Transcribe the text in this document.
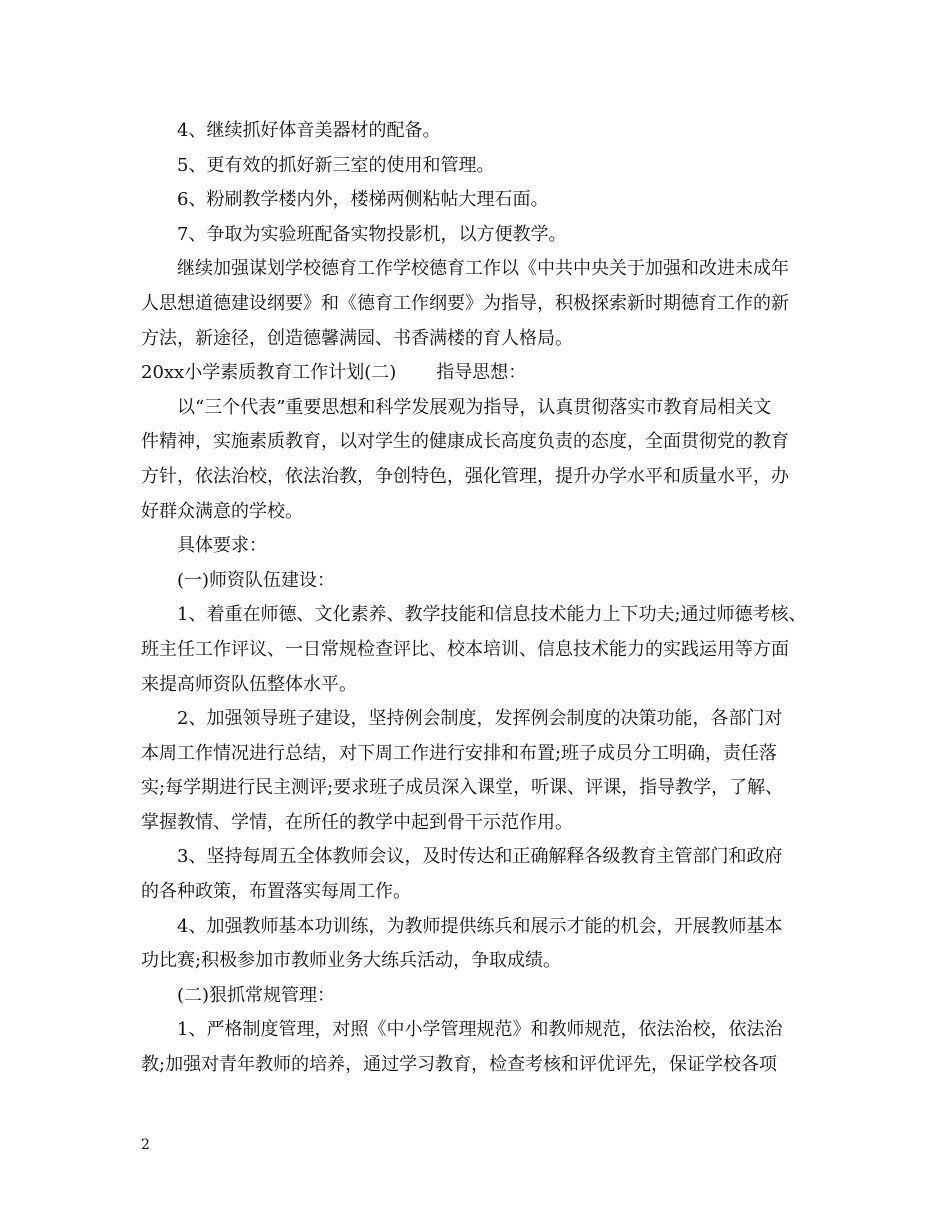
4、继续抓好体音美器材的配备。
5、更有效的抓好新三室的使用和管理。
6、粉刷教学楼内外，楼梯两侧粘帖大理石面。
7、争取为实验班配备实物投影机，以方便教学。
继续加强谋划学校德育工作学校德育工作以《中共中央关于加强和改进未成年
人思想道德建设纲要》和《德育工作纲要》为指导，积极探索新时期德育工作的新
方法，新途径，创造德馨满园、书香满楼的育人格局。
20xx小学素质教育工作计划(二) 指导思想：
以“三个代表”重要思想和科学发展观为指导，认真贯彻落实市教育局相关文
件精神，实施素质教育，以对学生的健康成长高度负责的态度，全面贯彻党的教育
方针，依法治校，依法治教，争创特色，强化管理，提升办学水平和质量水平，办
好群众满意的学校。
具体要求：
(一)师资队伍建设：
1、着重在师德、文化素养、教学技能和信息技术能力上下功夫;通过师德考核、
班主任工作评议、一日常规检查评比、校本培训、信息技术能力的实践运用等方面
来提高师资队伍整体水平。
2、加强领导班子建设，坚持例会制度，发挥例会制度的决策功能，各部门对
本周工作情况进行总结，对下周工作进行安排和布置;班子成员分工明确，责任落
实;每学期进行民主测评;要求班子成员深入课堂，听课、评课，指导教学，了解、
掌握教情、学情，在所任的教学中起到骨干示范作用。
3、坚持每周五全体教师会议，及时传达和正确解释各级教育主管部门和政府
的各种政策，布置落实每周工作。
4、加强教师基本功训练，为教师提供练兵和展示才能的机会，开展教师基本
功比赛;积极参加市教师业务大练兵活动，争取成绩。
(二)狠抓常规管理：
1、严格制度管理，对照《中小学管理规范》和教师规范，依法治校，依法治
教;加强对青年教师的培养，通过学习教育，检查考核和评优评先，保证学校各项
2
